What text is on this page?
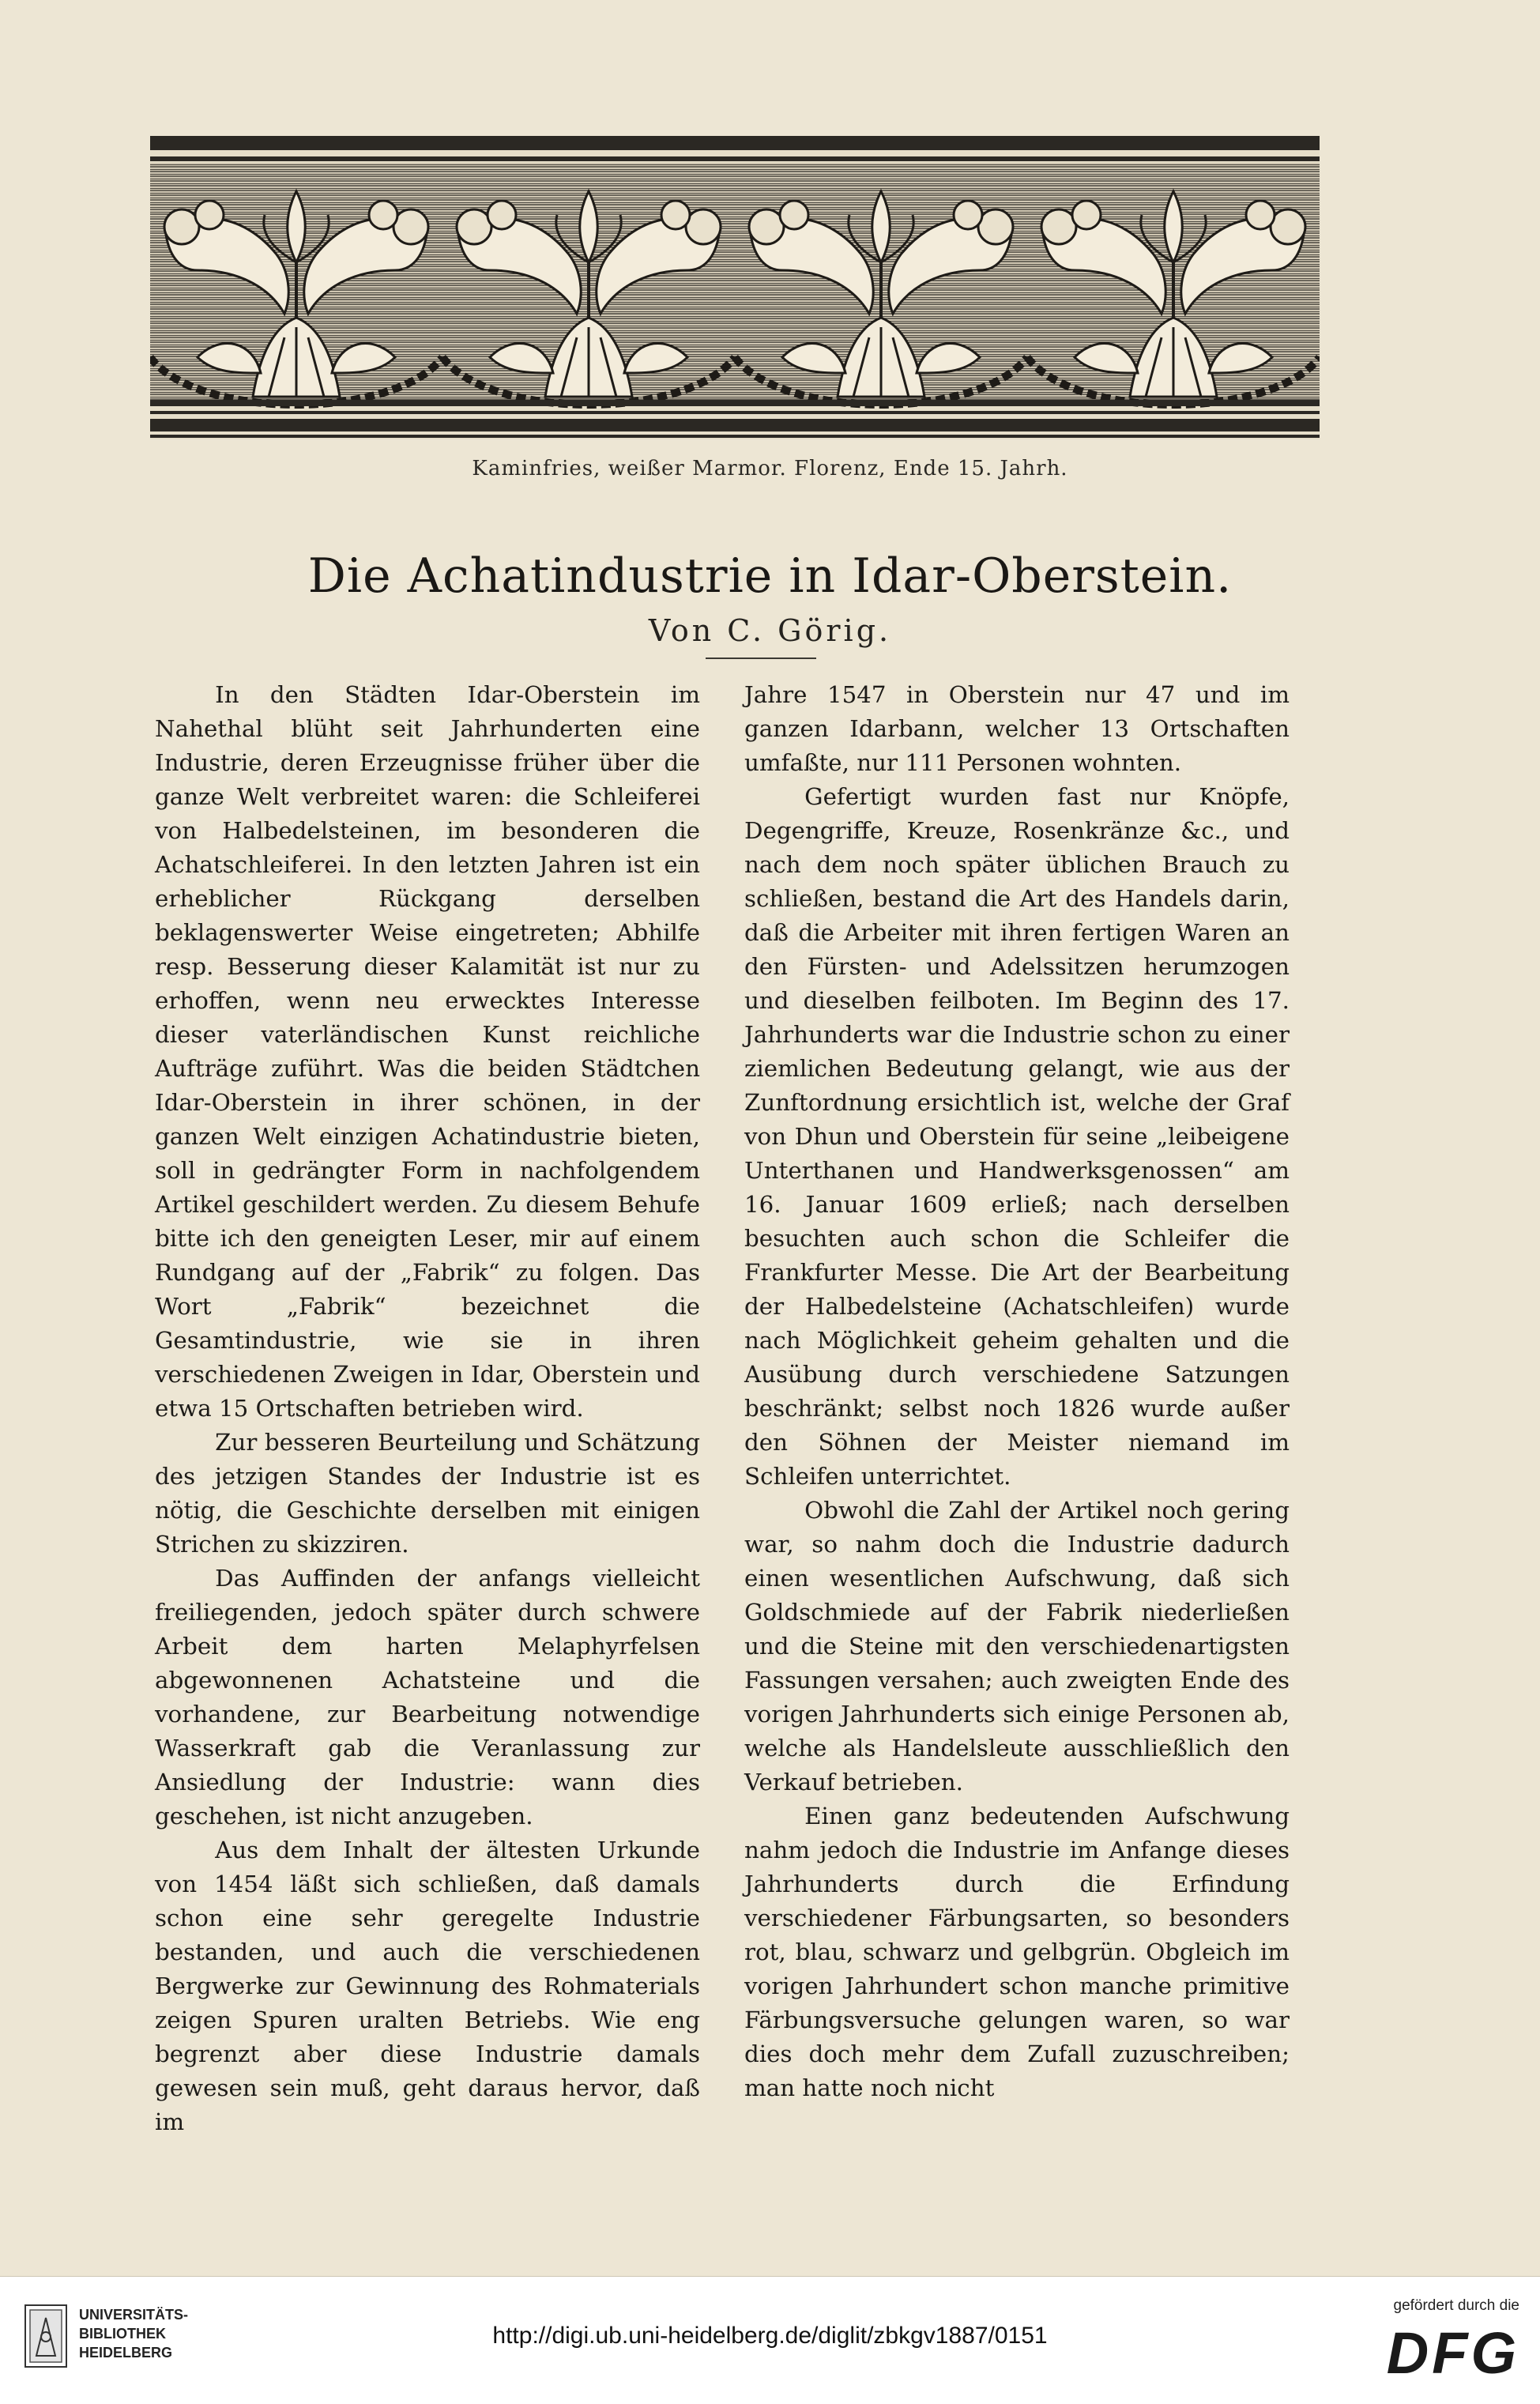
Kaminfries, weißer Marmor. Florenz, Ende 15. Jahrh.
Die Achatindustrie in Idar-Oberstein.
Von C. Görig.

In den Städten Idar-Oberstein im Nahethal blüht seit Jahrhunderten eine Industrie, deren Erzeugnisse früher über die ganze Welt verbreitet waren: die Schleiferei von Halbedelsteinen, im besonderen die Achatschleiferei. In den letzten Jahren ist ein erheblicher Rückgang derselben beklagenswerter Weise eingetreten; Abhilfe resp. Besserung dieser Kalamität ist nur zu erhoffen, wenn neu erwecktes Interesse dieser vaterländischen Kunst reichliche Aufträge zuführt. Was die beiden Städtchen Idar-Oberstein in ihrer schönen, in der ganzen Welt einzigen Achatindustrie bieten, soll in gedrängter Form in nachfolgendem Artikel geschildert werden. Zu diesem Behufe bitte ich den geneigten Leser, mir auf einem Rundgang auf der „Fabrik“ zu folgen. Das Wort „Fabrik“ bezeichnet die Gesamtindustrie, wie sie in ihren verschiedenen Zweigen in Idar, Oberstein und etwa 15 Ortschaften betrieben wird.

Zur besseren Beurteilung und Schätzung des jetzigen Standes der Industrie ist es nötig, die Geschichte derselben mit einigen Strichen zu skizziren.

Das Auffinden der anfangs vielleicht freiliegenden, jedoch später durch schwere Arbeit dem harten Melaphyrfelsen abgewonnenen Achatsteine und die vorhandene, zur Bearbeitung notwendige Wasserkraft gab die Veranlassung zur Ansiedlung der Industrie: wann dies geschehen, ist nicht anzugeben.

Aus dem Inhalt der ältesten Urkunde von 1454 läßt sich schließen, daß damals schon eine sehr geregelte Industrie bestanden, und auch die verschiedenen Bergwerke zur Gewinnung des Rohmaterials zeigen Spuren uralten Betriebs. Wie eng begrenzt aber diese Industrie damals gewesen sein muß, geht daraus hervor, daß im

Jahre 1547 in Oberstein nur 47 und im ganzen Idarbann, welcher 13 Ortschaften umfaßte, nur 111 Personen wohnten.

Gefertigt wurden fast nur Knöpfe, Degengriffe, Kreuze, Rosenkränze &c., und nach dem noch später üblichen Brauch zu schließen, bestand die Art des Handels darin, daß die Arbeiter mit ihren fertigen Waren an den Fürsten- und Adelssitzen herumzogen und dieselben feilboten. Im Beginn des 17. Jahrhunderts war die Industrie schon zu einer ziemlichen Bedeutung gelangt, wie aus der Zunftordnung ersichtlich ist, welche der Graf von Dhun und Oberstein für seine „leibeigene Unterthanen und Handwerksgenossen“ am 16. Januar 1609 erließ; nach derselben besuchten auch schon die Schleifer die Frankfurter Messe. Die Art der Bearbeitung der Halbedelsteine (Achatschleifen) wurde nach Möglichkeit geheim gehalten und die Ausübung durch verschiedene Satzungen beschränkt; selbst noch 1826 wurde außer den Söhnen der Meister niemand im Schleifen unterrichtet.

Obwohl die Zahl der Artikel noch gering war, so nahm doch die Industrie dadurch einen wesentlichen Aufschwung, daß sich Goldschmiede auf der Fabrik niederließen und die Steine mit den verschiedenartigsten Fassungen versahen; auch zweigten Ende des vorigen Jahrhunderts sich einige Personen ab, welche als Handelsleute ausschließlich den Verkauf betrieben.

Einen ganz bedeutenden Aufschwung nahm jedoch die Industrie im Anfange dieses Jahrhunderts durch die Erfindung verschiedener Färbungsarten, so besonders rot, blau, schwarz und gelbgrün. Obgleich im vorigen Jahrhundert schon manche primitive Färbungsversuche gelungen waren, so war dies doch mehr dem Zufall zuzuschreiben; man hatte noch nicht

UNIVERSITÄTS-
BIBLIOTHEK
HEIDELBERG
http://digi.ub.uni-heidelberg.de/diglit/zbkgv1887/0151
gefördert durch die
DFG
